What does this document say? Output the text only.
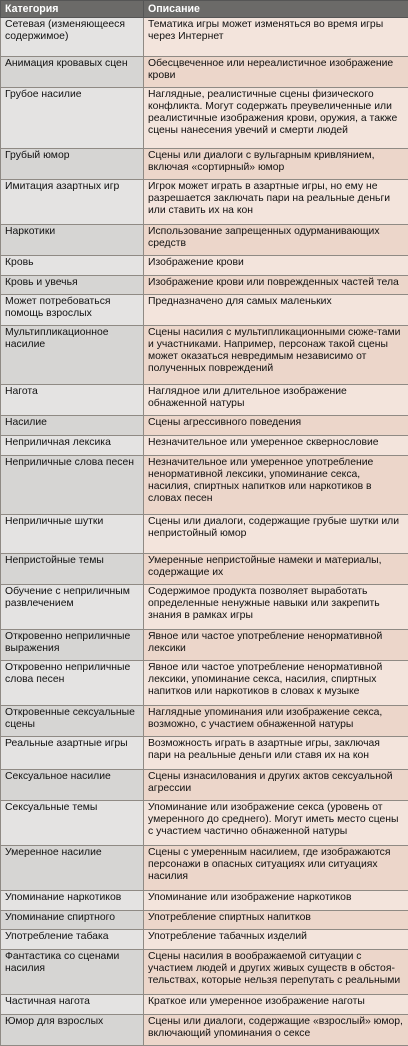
Категория	Описание
Сетевая (изменяющееся содержимое)	Тематика игры может изменяться во время игры через Интернет
Анимация кровавых сцен	Обесцвеченное или нереалистичное изображение крови
Грубое насилие	Наглядные, реалистичные сцены физического конфликта. Могут содержать преувеличенные или реалистичные изображения крови, оружия, а также сцены нанесения увечий и смерти людей
Грубый юмор	Сцены или диалоги с вульгарным кривлянием, включая «сортирный» юмор
Имитация азартных игр	Игрок может играть в азартные игры, но ему не разрешается заключать пари на реальные деньги или ставить их на кон
Наркотики	Использование запрещенных одурманивающих средств
Кровь	Изображение крови
Кровь и увечья	Изображение крови или поврежденных частей тела
Может потребоваться помощь взрослых	Предназначено для самых маленьких
Мультипликационное насилие	Сцены насилия с мультипликационными сюже-тами и участниками. Например, персонаж такой сцены может оказаться невредимым независимо от полученных повреждений
Нагота	Наглядное или длительное изображение обнаженной натуры
Насилие	Сцены агрессивного поведения
Неприличная лексика	Незначительное или умеренное сквернословие
Неприличные слова песен	Незначительное или умеренное употребление ненормативной лексики, упоминание секса, насилия, спиртных напитков или наркотиков в словах песен
Неприличные шутки	Сцены или диалоги, содержащие грубые шутки или непристойный юмор
Непристойные темы	Умеренные непристойные намеки и материалы, содержащие их
Обучение с неприличным развлечением	Содержимое продукта позволяет выработать определенные ненужные навыки или закрепить знания в рамках игры
Откровенно неприличные выражения	Явное или частое употребление ненормативной лексики
Откровенно неприличные слова песен	Явное или частое употребление ненормативной лексики, упоминание секса, насилия, спиртных напитков или наркотиков в словах к музыке
Откровенные сексуальные сцены	Наглядные упоминания или изображение секса, возможно, с участием обнаженной натуры
Реальные азартные игры	Возможность играть в азартные игры, заключая пари на реальные деньги или ставя их на кон
Сексуальное насилие	Сцены изнасилования и других актов сексуальной агрессии
Сексуальные темы	Упоминание или изображение секса (уровень от умеренного до среднего). Могут иметь место сцены с участием частично обнаженной натуры
Умеренное насилие	Сцены с умеренным насилием, где изображаются персонажи в опасных ситуациях или ситуациях насилия
Упоминание наркотиков	Упоминание или изображение наркотиков
Упоминание спиртного	Употребление спиртных напитков
Употребление табака	Употребление табачных изделий
Фантастика со сценами насилия	Сцены насилия в воображаемой ситуации с участием людей и других живых существ в обстоя-тельствах, которые нельзя перепутать с реальными
Частичная нагота	Краткое или умеренное изображение наготы
Юмор для взрослых	Сцены или диалоги, содержащие «взрослый» юмор, включающий упоминания о сексе
